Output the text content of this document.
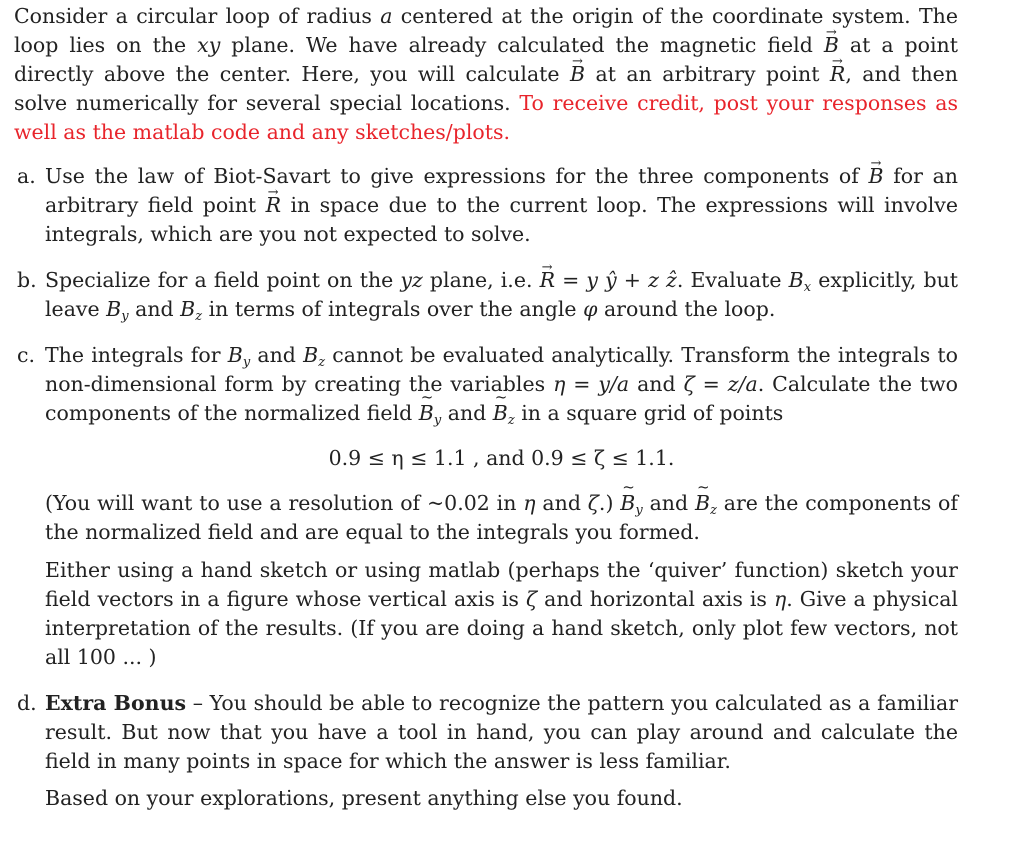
Consider a circular loop of radius a centered at the origin of the coordinate system. The loop lies on the xy plane. We have already calculated the magnetic field B → at a point directly above the center. Here, you will calculate B → at an arbitrary point R →, and then solve numerically for several special locations. To receive credit, post your responses as well as the matlab code and any sketches/plots.

a. Use the law of Biot-Savart to give expressions for the three components of B → for an arbitrary field point R → in space due to the current loop. The expressions will involve integrals, which are you not expected to solve.

b. Specialize for a field point on the yz plane, i.e. R → = y ŷ + z ẑ. Evaluate $B_x$ explicitly, but leave $B_y$ and $B_z$ in terms of integrals over the angle φ around the loop.

c. The integrals for $B_y$ and $B_z$ cannot be evaluated analytically. Transform the integrals to non-dimensional form by creating the variables η = y/a and ζ = z/a. Calculate the two components of the normalized field B $\sim_y$ and B $\sim_z$ in a square grid of points

0.9 ≤ η ≤ 1.1 , and 0.9 ≤ ζ ≤ 1.1.

(You will want to use a resolution of ~0.02 in η and ζ.) B $\sim_y$ and B $\sim_z$ are the components of the normalized field and are equal to the integrals you formed.

Either using a hand sketch or using matlab (perhaps the ‘quiver’ function) sketch your field vectors in a figure whose vertical axis is ζ and horizontal axis is η. Give a physical interpretation of the results. (If you are doing a hand sketch, only plot few vectors, not all 100 ... )

d. Extra Bonus – You should be able to recognize the pattern you calculated as a familiar result. But now that you have a tool in hand, you can play around and calculate the field in many points in space for which the answer is less familiar.

Based on your explorations, present anything else you found.
